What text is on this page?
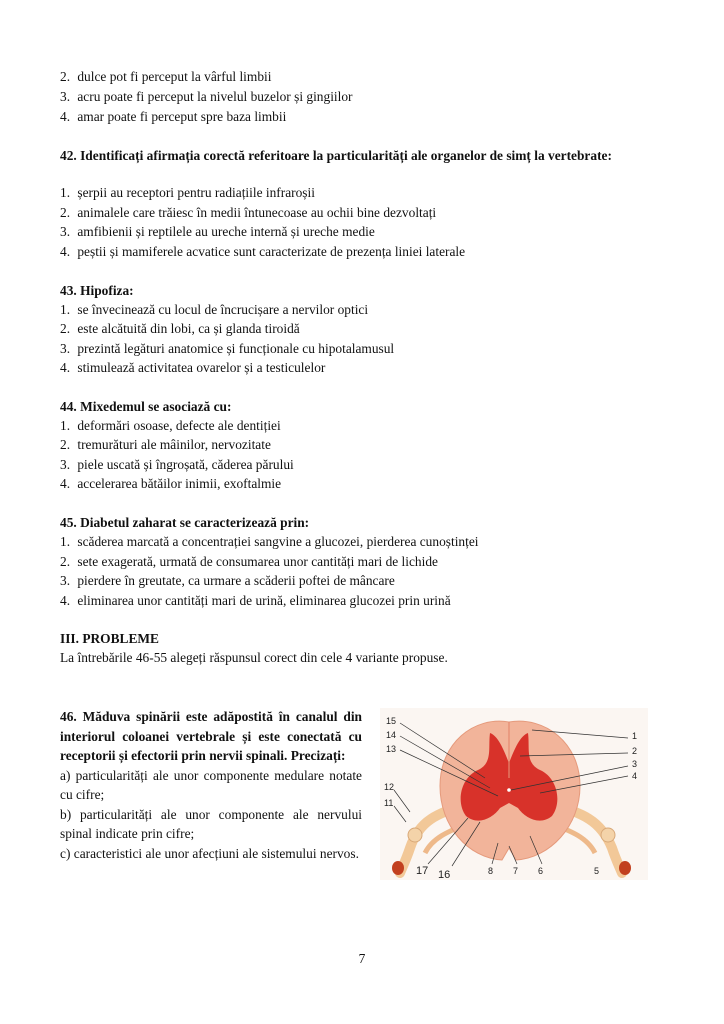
2. dulce pot fi perceput la vârful limbii
3. acru poate fi perceput la nivelul buzelor și gingiilor
4. amar poate fi perceput spre baza limbii
42. Identificați afirmația corectă referitoare la particularități ale organelor de simț la vertebrate:
1. șerpii au receptori pentru radiațiile infraroșii
2. animalele care trăiesc în medii întunecoase au ochii bine dezvoltați
3. amfibienii și reptilele au ureche internă și ureche medie
4. peștii și mamiferele acvatice sunt caracterizate de prezența liniei laterale
43. Hipofiza:
1. se învecinează cu locul de încrucișare a nervilor optici
2. este alcătuită din lobi, ca și glanda tiroidă
3. prezintă legături anatomice și funcționale cu hipotalamusul
4. stimulează activitatea ovarelor și a testiculelor
44. Mixedemul se asociază cu:
1. deformări osoase, defecte ale dentiției
2. tremurături ale mâinilor, nervozitate
3. piele uscată și îngroșată, căderea părului
4. accelerarea bătăilor inimii, exoftalmie
45. Diabetul zaharat se caracterizează prin:
1. scăderea marcată a concentrației sangvine a glucozei, pierderea cunoștinței
2. sete exagerată, urmată de consumarea unor cantități mari de lichide
3. pierdere în greutate, ca urmare a scăderii poftei de mâncare
4. eliminarea unor cantități mari de urină, eliminarea glucozei prin urină
III. PROBLEME
La întrebările 46-55 alegeți răspunsul corect din cele 4 variante propuse.
46. Măduva spinării este adăpostită în canalul din interiorul coloanei vertebrale și este conectată cu receptorii și efectorii prin nervii spinali. Precizați:
a) particularități ale unor componente medulare notate cu cifre;
b) particularități ale unor componente ale nervului spinal indicate prin cifre;
c) caracteristici ale unor afecțiuni ale sistemului nervos.
15
14
13
12
11
17 16	8 7 6	5
4
3
2
1
7
